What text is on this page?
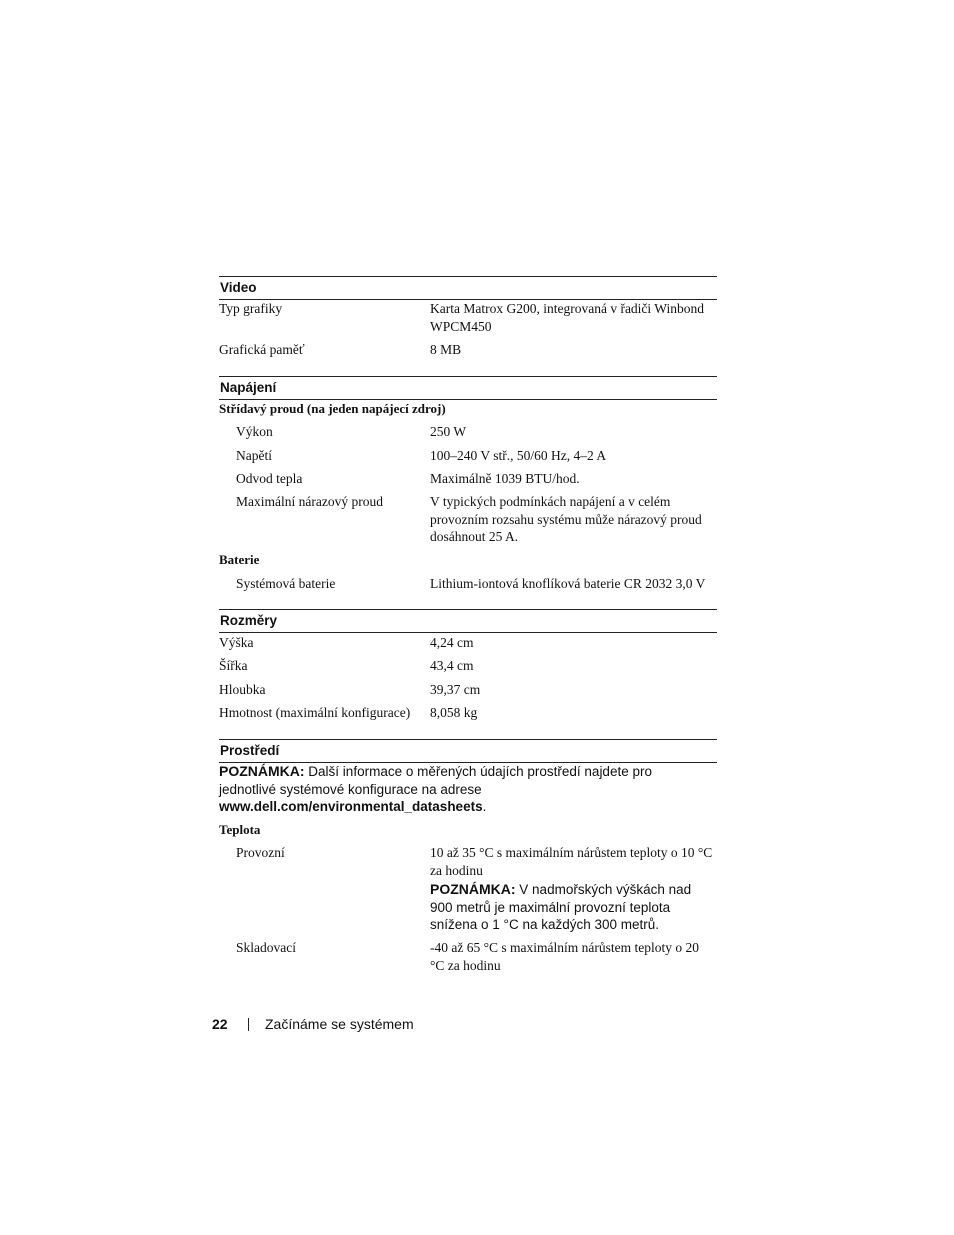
Video
Typ grafiky	Karta Matrox G200, integrovaná v řadiči Winbond WPCM450
Grafická paměť	8 MB
Napájení
Střídavý proud (na jeden napájecí zdroj)
Výkon	250 W
Napětí	100–240 V stř., 50/60 Hz, 4–2 A
Odvod tepla	Maximálně 1039 BTU/hod.
Maximální nárazový proud	V typických podmínkách napájení a v celém provozním rozsahu systému může nárazový proud dosáhnout 25 A.
Baterie
Systémová baterie	Lithium-iontová knoflíková baterie CR 2032 3,0 V
Rozměry
Výška	4,24 cm
Šířka	43,4 cm
Hloubka	39,37 cm
Hmotnost (maximální konfigurace) 8,058 kg
Prostředí
POZNÁMKA: Další informace o měřených údajích prostředí najdete pro jednotlivé systémové konfigurace na adrese www.dell.com/environmental_datasheets.
Teplota
Provozní	10 až 35 °C s maximálním nárůstem teploty o 10 °C za hodinu
POZNÁMKA: V nadmořských výškách nad 900 metrů je maximální provozní teplota snížena o 1 °C na každých 300 metrů.
Skladovací	-40 až 65 °C s maximálním nárůstem teploty o 20 °C za hodinu
22	Začínáme se systémem
